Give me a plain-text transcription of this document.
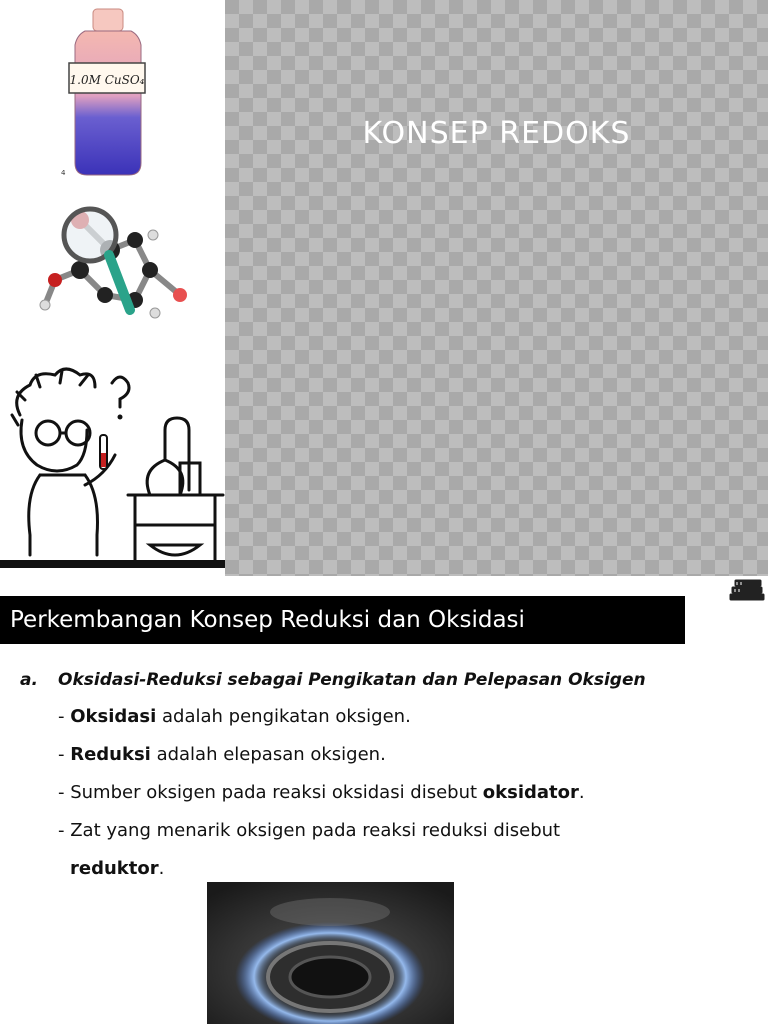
1.0M CuSO₄
4
KONSEP REDOKS
Perkembangan Konsep Reduksi dan Oksidasi
a. Oksidasi-Reduksi sebagai Pengikatan dan Pelepasan Oksigen
- Oksidasi adalah pengikatan oksigen.
- Reduksi adalah elepasan oksigen.
- Sumber oksigen pada reaksi oksidasi disebut oksidator.
- Zat yang menarik oksigen pada reaksi reduksi disebut
reduktor.
